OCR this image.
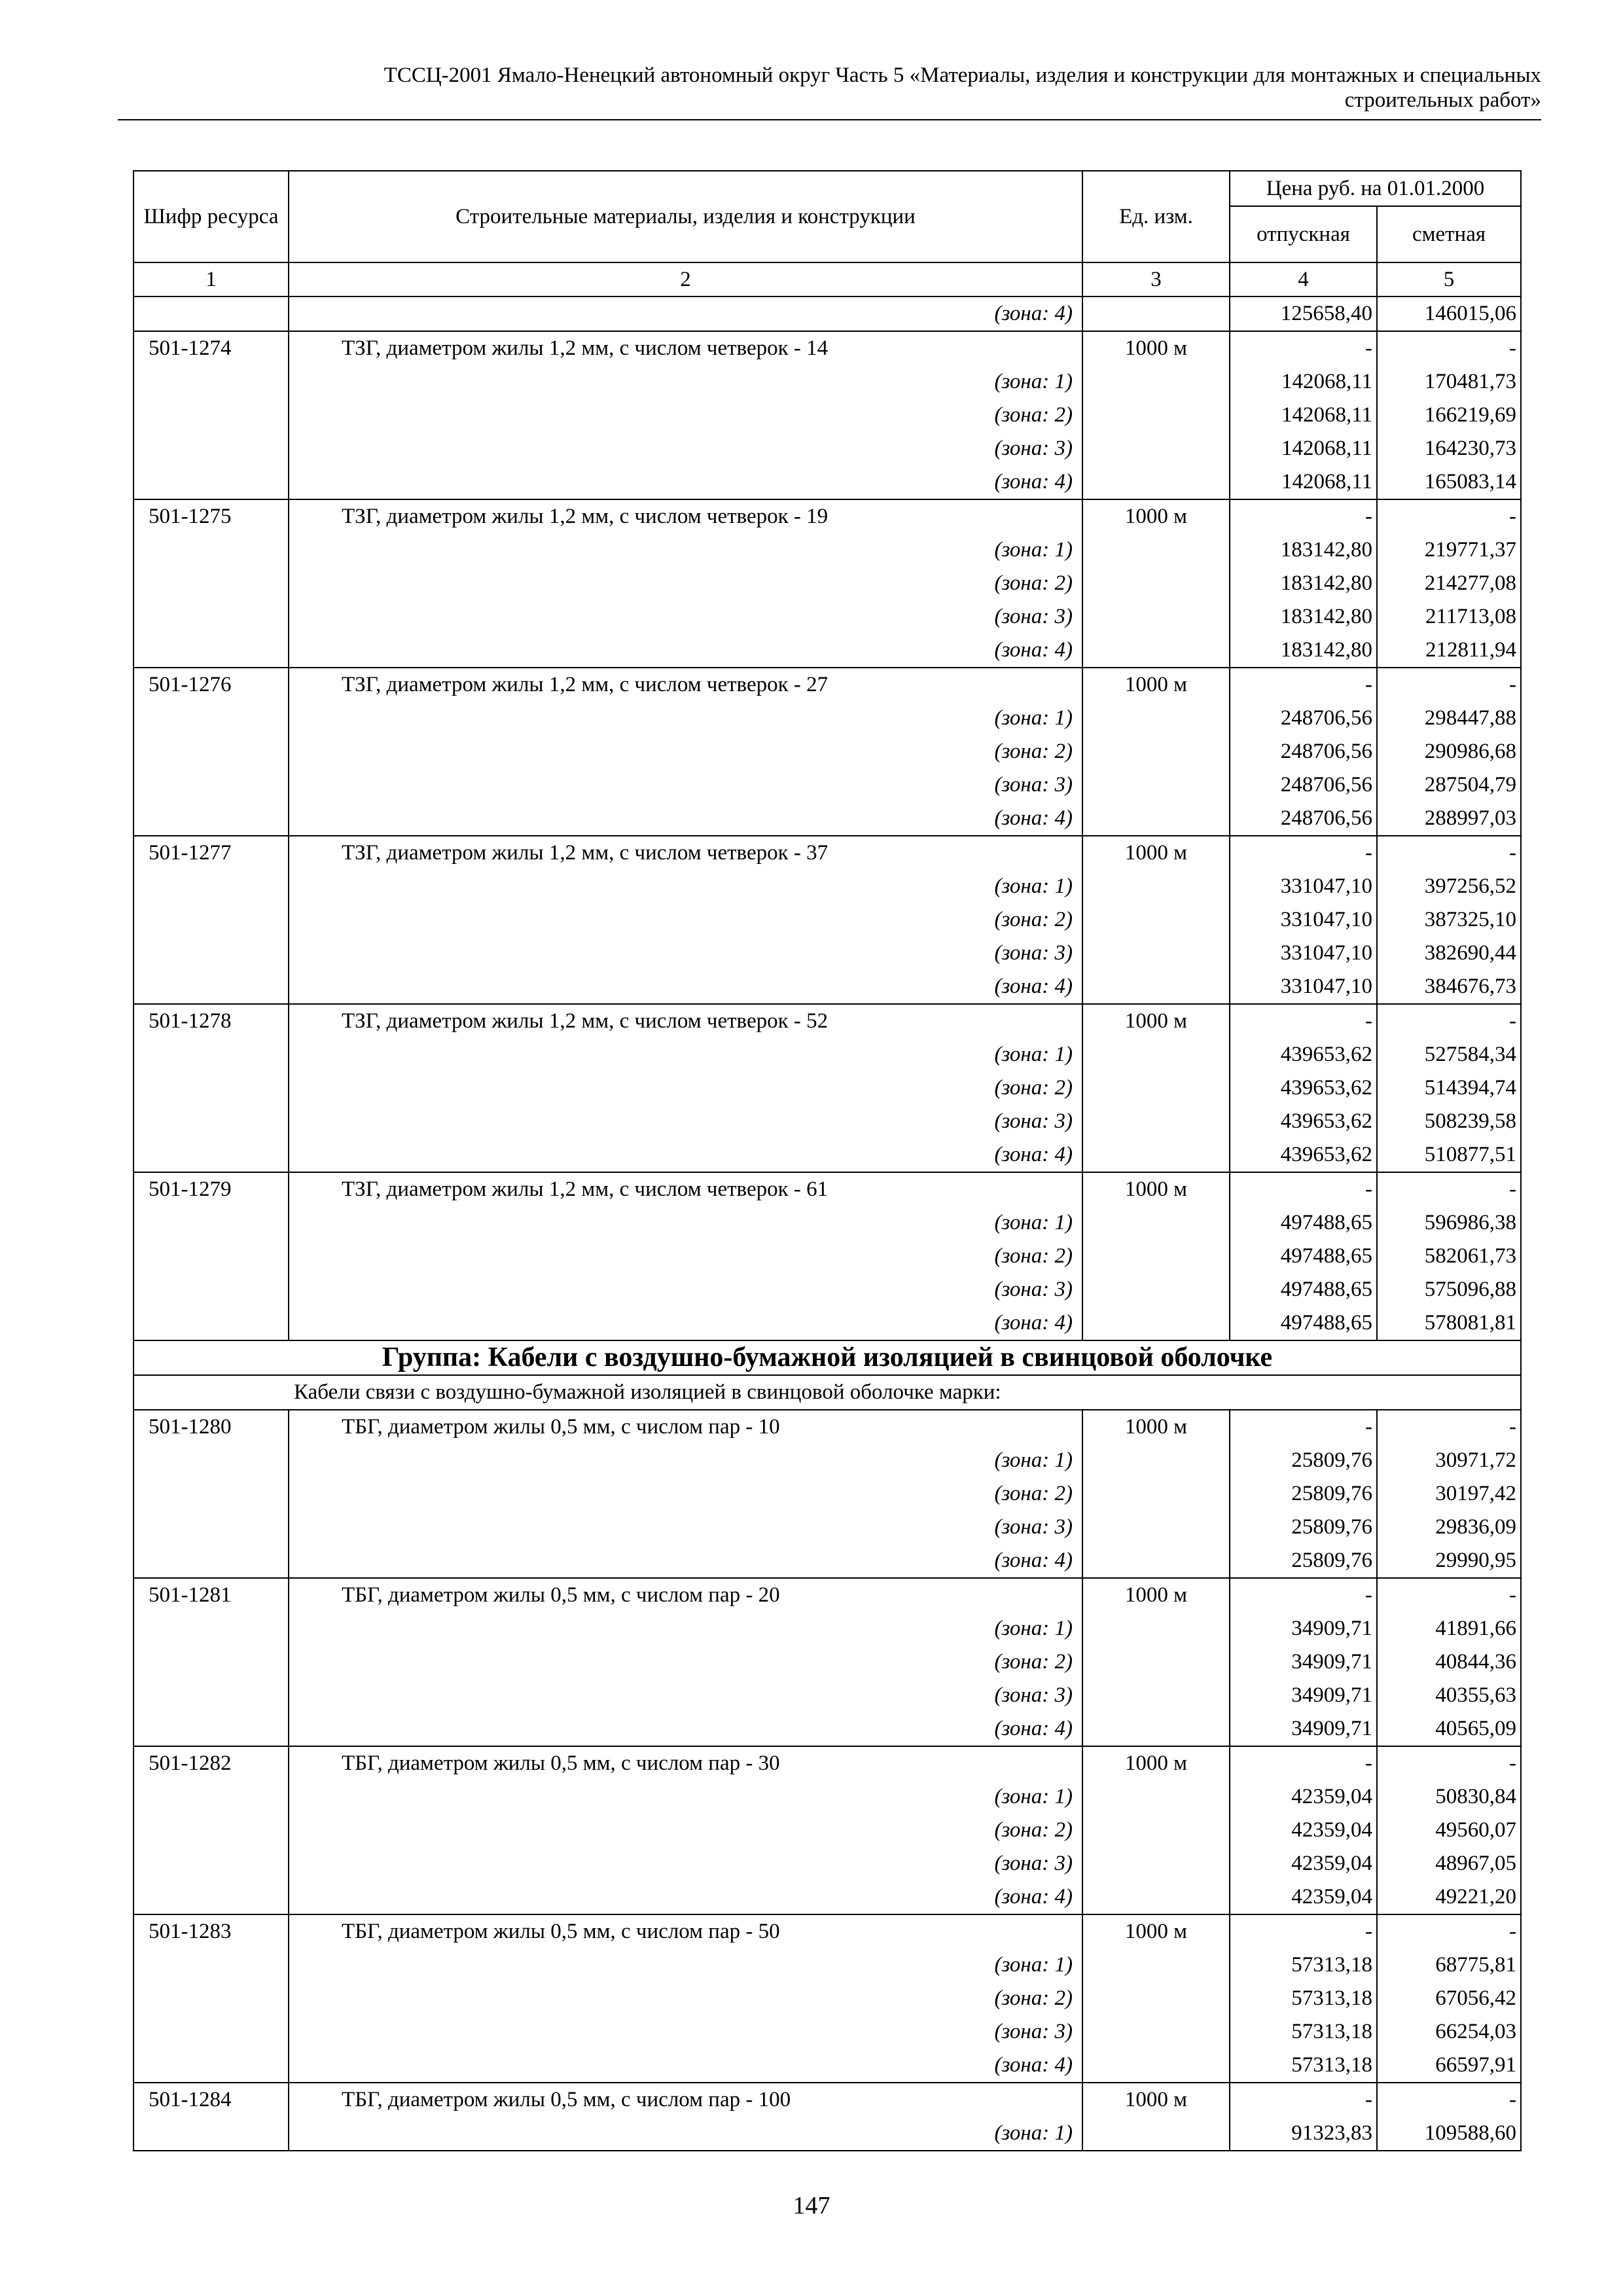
ТССЦ-2001 Ямало-Ненецкий автономный округ Часть 5 «Материалы, изделия и конструкции для монтажных и специальных
строительных работ»
Шифр ресурса	Строительные материалы, изделия и конструкции	Ед. изм.	Цена руб. на 01.01.2000	
			отпускная	сметная
1	2	3	4	5
	(зона: 4)		125658,40	146015,06
501-1274	ТЗГ, диаметром жилы 1,2 мм, с числом четверок - 14	1000 м	-	-
	(зона: 1)		142068,11	170481,73
	(зона: 2)		142068,11	166219,69
	(зона: 3)		142068,11	164230,73
	(зона: 4)		142068,11	165083,14
501-1275	ТЗГ, диаметром жилы 1,2 мм, с числом четверок - 19	1000 м	-	-
	(зона: 1)		183142,80	219771,37
	(зона: 2)		183142,80	214277,08
	(зона: 3)		183142,80	211713,08
	(зона: 4)		183142,80	212811,94
501-1276	ТЗГ, диаметром жилы 1,2 мм, с числом четверок - 27	1000 м	-	-
	(зона: 1)		248706,56	298447,88
	(зона: 2)		248706,56	290986,68
	(зона: 3)		248706,56	287504,79
	(зона: 4)		248706,56	288997,03
501-1277	ТЗГ, диаметром жилы 1,2 мм, с числом четверок - 37	1000 м	-	-
	(зона: 1)		331047,10	397256,52
	(зона: 2)		331047,10	387325,10
	(зона: 3)		331047,10	382690,44
	(зона: 4)		331047,10	384676,73
501-1278	ТЗГ, диаметром жилы 1,2 мм, с числом четверок - 52	1000 м	-	-
	(зона: 1)		439653,62	527584,34
	(зона: 2)		439653,62	514394,74
	(зона: 3)		439653,62	508239,58
	(зона: 4)		439653,62	510877,51
501-1279	ТЗГ, диаметром жилы 1,2 мм, с числом четверок - 61	1000 м	-	-
	(зона: 1)		497488,65	596986,38
	(зона: 2)		497488,65	582061,73
	(зона: 3)		497488,65	575096,88
	(зона: 4)		497488,65	578081,81
Группа: Кабели с воздушно-бумажной изоляцией в свинцовой оболочке				
Кабели связи с воздушно-бумажной изоляцией в свинцовой оболочке марки:				
501-1280	ТБГ, диаметром жилы 0,5 мм, с числом пар - 10	1000 м	-	-
	(зона: 1)		25809,76	30971,72
	(зона: 2)		25809,76	30197,42
	(зона: 3)		25809,76	29836,09
	(зона: 4)		25809,76	29990,95
501-1281	ТБГ, диаметром жилы 0,5 мм, с числом пар - 20	1000 м	-	-
	(зона: 1)		34909,71	41891,66
	(зона: 2)		34909,71	40844,36
	(зона: 3)		34909,71	40355,63
	(зона: 4)		34909,71	40565,09
501-1282	ТБГ, диаметром жилы 0,5 мм, с числом пар - 30	1000 м	-	-
	(зона: 1)		42359,04	50830,84
	(зона: 2)		42359,04	49560,07
	(зона: 3)		42359,04	48967,05
	(зона: 4)		42359,04	49221,20
501-1283	ТБГ, диаметром жилы 0,5 мм, с числом пар - 50	1000 м	-	-
	(зона: 1)		57313,18	68775,81
	(зона: 2)		57313,18	67056,42
	(зона: 3)		57313,18	66254,03
	(зона: 4)		57313,18	66597,91
501-1284	ТБГ, диаметром жилы 0,5 мм, с числом пар - 100	1000 м	-	-
	(зона: 1)		91323,83	109588,60
147
